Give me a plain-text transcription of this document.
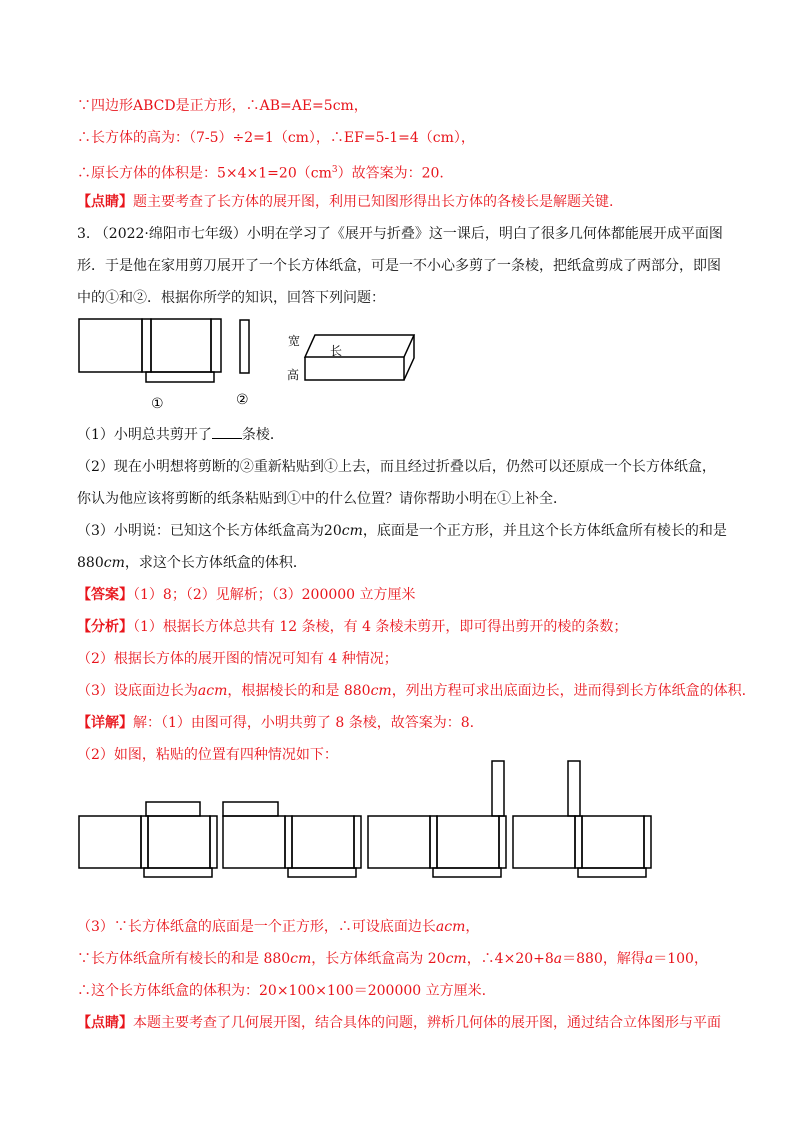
∵四边形ABCD是正方形，∴AB=AE=5cm，
∴长方体的高为：（7-5）÷2=1（cm），∴EF=5-1=4（cm），
∴原长方体的体积是：$5\times 4\times 1=20(cm^3)$故答案为：20.
【点睛】题主要考查了长方体的展开图，利用已知图形得出长方体的各棱长是解题关键.
3. （2022·绵阳市七年级）小明在学习了《展开与折叠》这一课后，明白了很多几何体都能展开成平面图
形．于是他在家用剪刀展开了一个长方体纸盒，可是一不小心多剪了一条棱，把纸盒剪成了两部分，即图
中的①和②．根据你所学的知识，回答下列问题：
①	②
宽
长
高
（1）小明总共剪开了 条棱．
（2）现在小明想将剪断的②重新粘贴到①上去，而且经过折叠以后，仍然可以还原成一个长方体纸盒，
你认为他应该将剪断的纸条粘贴到①中的什么位置？请你帮助小明在①上补全．
（3）小明说：已知这个长方体纸盒高为20cm，底面是一个正方形，并且这个长方体纸盒所有棱长的和是
880cm，求这个长方体纸盒的体积．
【答案】（1）8；（2）见解析；（3）200000 立方厘米
【分析】（1）根据长方体总共有 12 条棱，有 4 条棱未剪开，即可得出剪开的棱的条数；
（2）根据长方体的展开图的情况可知有 4 种情况；
（3）设底面边长为acm，根据棱长的和是 880cm，列出方程可求出底面边长，进而得到长方体纸盒的体积.
【详解】解：（1）由图可得，小明共剪了 8 条棱，故答案为：8.
（2）如图，粘贴的位置有四种情况如下：
（3）∵长方体纸盒的底面是一个正方形，∴可设底面边长acm，
∵长方体纸盒所有棱长的和是 880cm，长方体纸盒高为 20cm，∴4×20+8a＝880，解得a＝100，
∴这个长方体纸盒的体积为：20×100×100＝200000 立方厘米.
【点睛】本题主要考查了几何展开图，结合具体的问题，辨析几何体的展开图，通过结合立体图形与平面
